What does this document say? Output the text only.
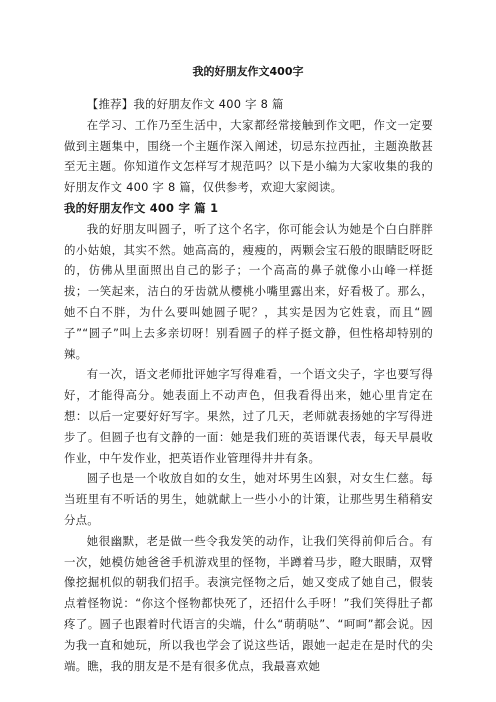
我的好朋友作文400字

【推荐】我的好朋友作文 400 字 8 篇

在学习、工作乃至生活中，大家都经常接触到作文吧，作文一定要做到主题集中，围绕一个主题作深入阐述，切忌东拉西扯，主题涣散甚至无主题。你知道作文怎样写才规范吗？以下是小编为大家收集的我的好朋友作文 400 字 8 篇，仅供参考，欢迎大家阅读。

我的好朋友作文 400 字 篇 1

我的好朋友叫圆子，听了这个名字，你可能会认为她是个白白胖胖的小姑娘，其实不然。她高高的，瘦瘦的，两颗会宝石般的眼睛眨呀眨的，仿佛从里面照出自己的影子；一个高高的鼻子就像小山峰一样挺拔；一笑起来，洁白的牙齿就从樱桃小嘴里露出来，好看极了。那么，她不白不胖，为什么要叫她圆子呢？，其实是因为它姓袁，而且“圆子”“圆子”叫上去多亲切呀！别看圆子的样子挺文静，但性格却特别的辣。

有一次，语文老师批评她字写得难看，一个语文尖子，字也要写得好，才能得高分。她表面上不动声色，但我看得出来，她心里肯定在想：以后一定要好好写字。果然，过了几天，老师就表扬她的字写得进步了。但圆子也有文静的一面：她是我们班的英语课代表，每天早晨收作业，中午发作业，把英语作业管理得井井有条。

圆子也是一个收放自如的女生，她对坏男生凶狠，对女生仁慈。每当班里有不听话的男生，她就献上一些小小的计策，让那些男生稍稍安分点。

她很幽默，老是做一些令我发笑的动作，让我们笑得前仰后合。有一次，她模仿她爸爸手机游戏里的怪物，半蹲着马步，瞪大眼睛，双臂像挖掘机似的朝我们招手。表演完怪物之后，她又变成了她自己，假装点着怪物说：“你这个怪物都快死了，还招什么手呀！”我们笑得肚子都疼了。圆子也跟着时代语言的尖端，什么“萌萌哒”、“呵呵”都会说。因为我一直和她玩，所以我也学会了说这些话，跟她一起走在是时代的尖端。瞧，我的朋友是不是有很多优点，我最喜欢她
